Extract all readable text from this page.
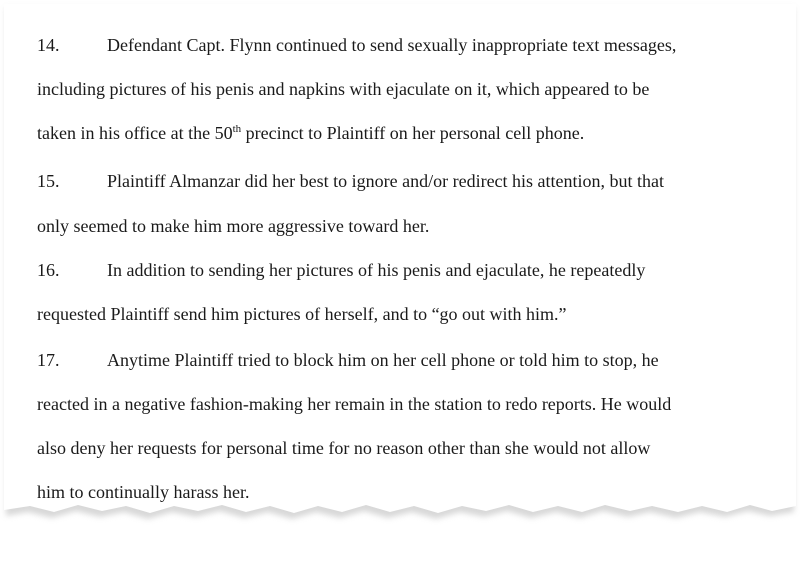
14.	Defendant Capt. Flynn continued to send sexually inappropriate text messages,
including pictures of his penis and napkins with ejaculate on it, which appeared to be
taken in his office at the 50th precinct to Plaintiff on her personal cell phone.
15.	Plaintiff Almanzar did her best to ignore and/or redirect his attention, but that
only seemed to make him more aggressive toward her.
16.	In addition to sending her pictures of his penis and ejaculate, he repeatedly
requested Plaintiff send him pictures of herself, and to “go out with him.”
17.	Anytime Plaintiff tried to block him on her cell phone or told him to stop, he
reacted in a negative fashion-making her remain in the station to redo reports. He would
also deny her requests for personal time for no reason other than she would not allow
him to continually harass her.
